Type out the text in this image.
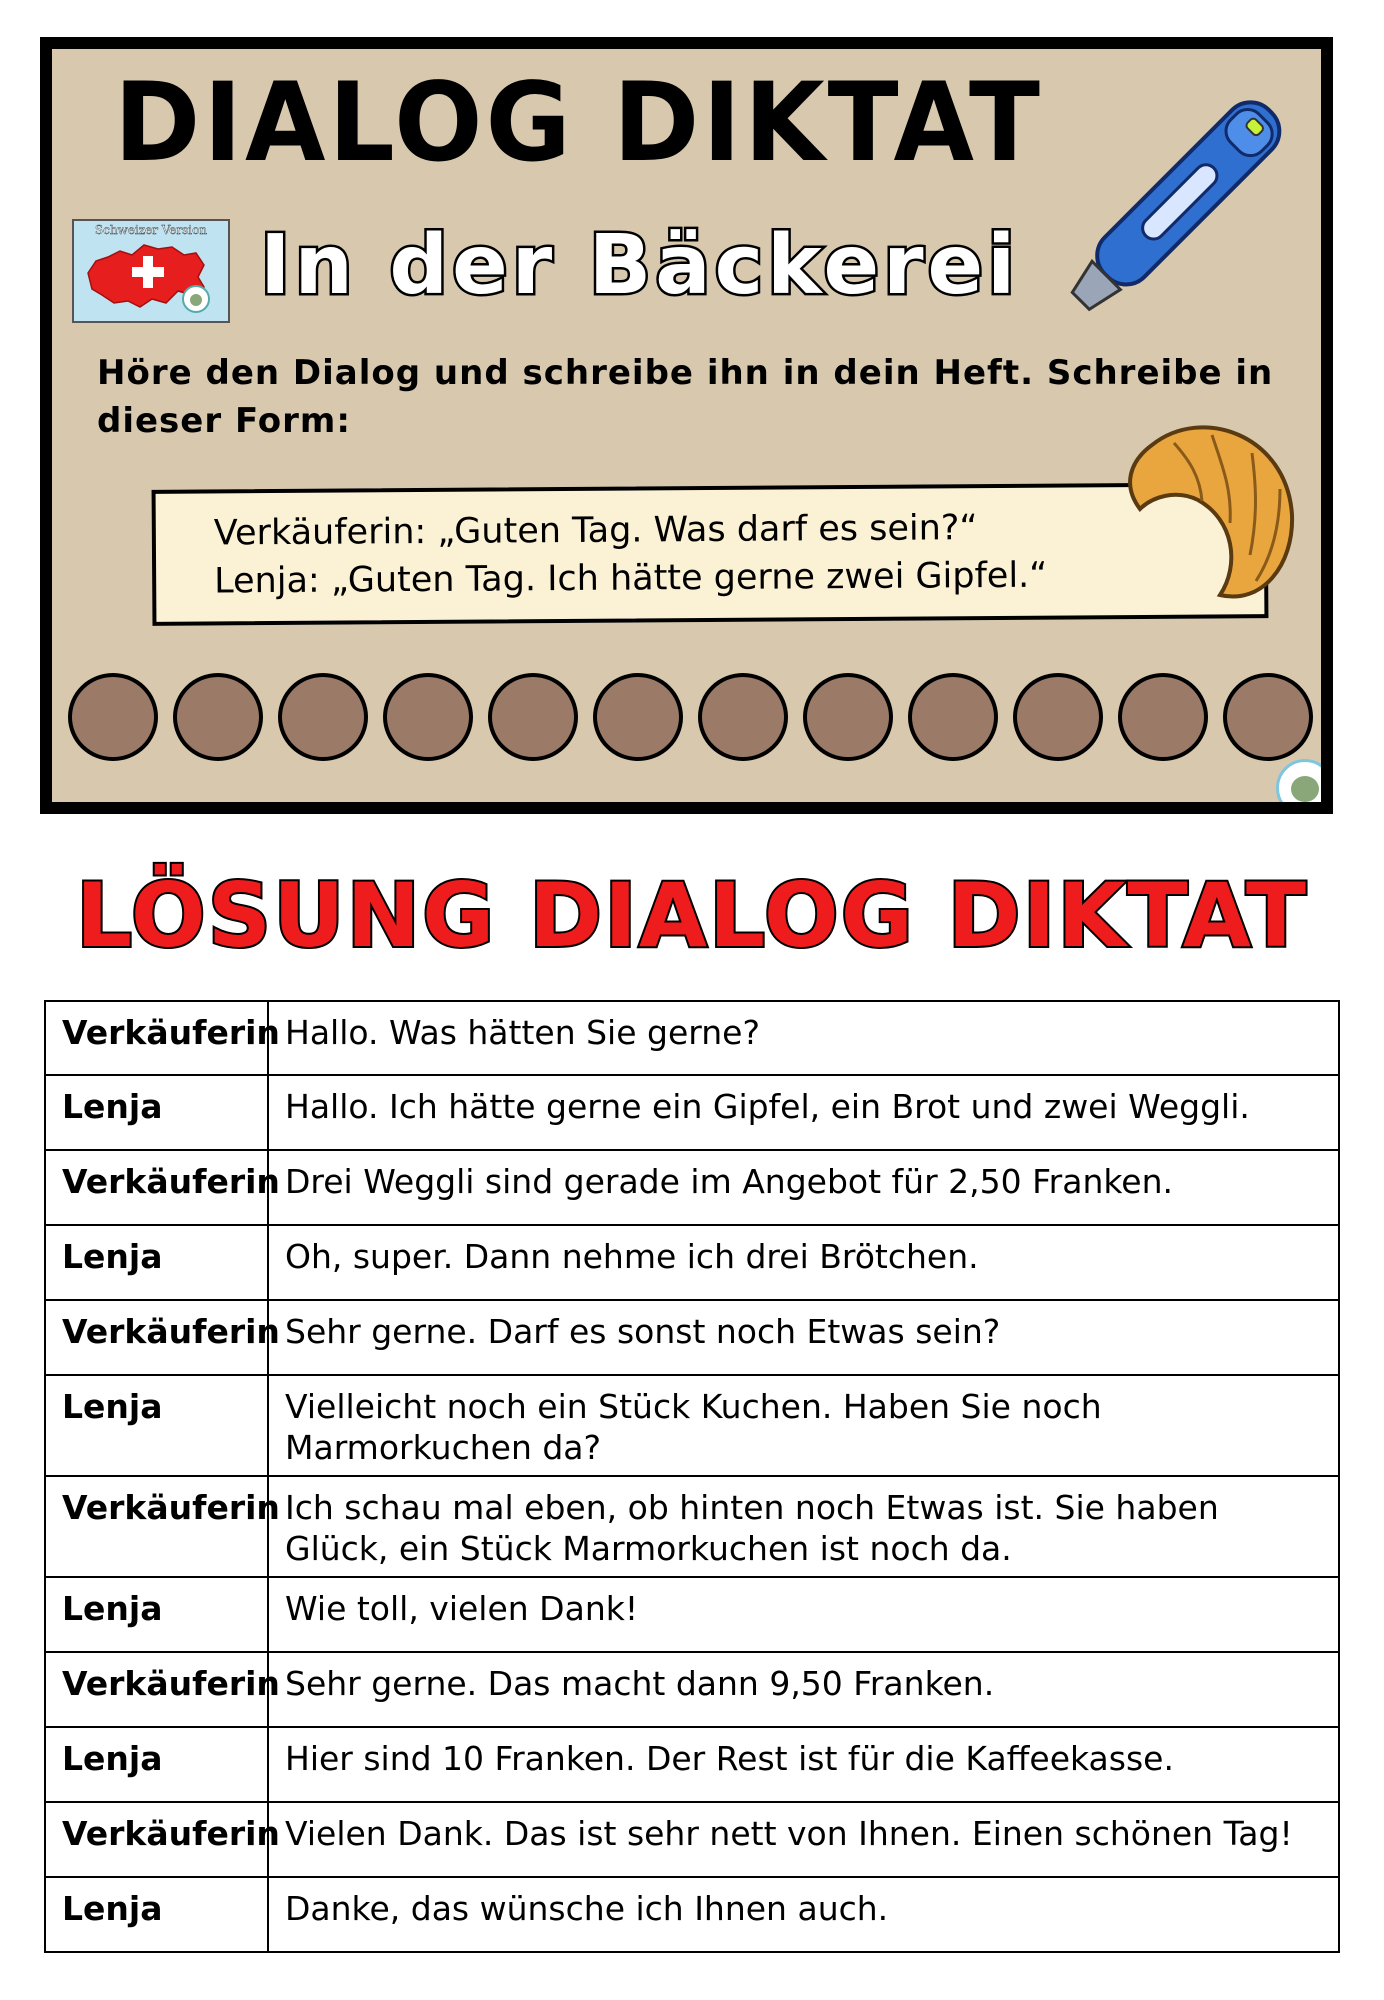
DIALOG DIKTAT
Schweizer Version In der Bäckerei

Höre den Dialog und schreibe ihn in dein Heft. Schreibe in dieser Form:

Verkäuferin: „Guten Tag. Was darf es sein?“

Lenja: „Guten Tag. Ich hätte gerne zwei Gipfel.“

LÖSUNG DIALOG DIKTAT
Verkäuferin	Hallo. Was hätten Sie gerne?
Lenja	Hallo. Ich hätte gerne ein Gipfel, ein Brot und zwei Weggli.
Verkäuferin	Drei Weggli sind gerade im Angebot für 2,50 Franken.
Lenja	Oh, super. Dann nehme ich drei Brötchen.
Verkäuferin	Sehr gerne. Darf es sonst noch Etwas sein?
Lenja	Vielleicht noch ein Stück Kuchen. Haben Sie noch Marmorkuchen da?
Verkäuferin	Ich schau mal eben, ob hinten noch Etwas ist. Sie haben Glück, ein Stück Marmorkuchen ist noch da.
Lenja	Wie toll, vielen Dank!
Verkäuferin	Sehr gerne. Das macht dann 9,50 Franken.
Lenja	Hier sind 10 Franken. Der Rest ist für die Kaffeekasse.
Verkäuferin	Vielen Dank. Das ist sehr nett von Ihnen. Einen schönen Tag!
Lenja	Danke, das wünsche ich Ihnen auch.
